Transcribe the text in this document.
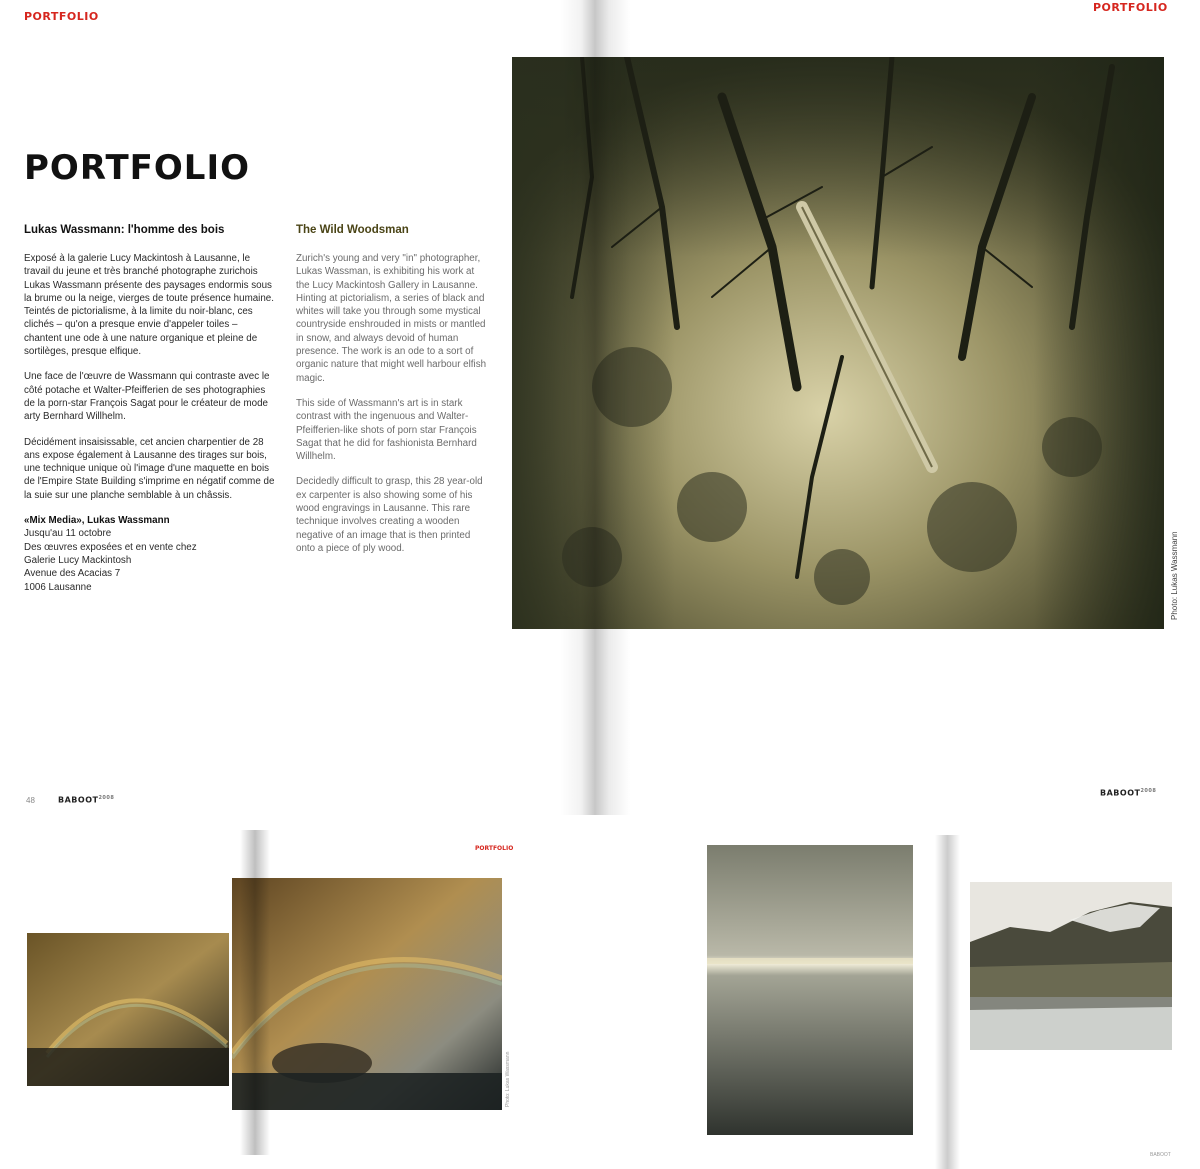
PORTFOLIO
PORTFOLIO
Lukas Wassmann: l'homme des bois

Exposé à la galerie Lucy Mackintosh à Lausanne, le travail du jeune et très branché photographe zurichois Lukas Wassmann présente des paysages endormis sous la brume ou la neige, vierges de toute présence humaine. Teintés de pictorialisme, à la limite du noir-blanc, ces clichés – qu'on a presque envie d'appeler toiles – chantent une ode à une nature organique et pleine de sortilèges, presque elfique.

Une face de l'œuvre de Wassmann qui contraste avec le côté potache et Walter-Pfeifferien de ses photographies de la porn-star François Sagat pour le créateur de mode arty Bernhard Willhelm.

Décidément insaisissable, cet ancien charpentier de 28 ans expose également à Lausanne des tirages sur bois, une technique unique où l'image d'une maquette en bois de l'Empire State Building s'imprime en négatif comme de la suie sur une planche semblable à un châssis.

«Mix Media», Lukas Wassmann
Jusqu'au 11 octobre
Des œuvres exposées et en vente chez
Galerie Lucy Mackintosh
Avenue des Acacias 7
1006 Lausanne
The Wild Woodsman

Zurich's young and very "in" photographer, Lukas Wassman, is exhibiting his work at the Lucy Mackintosh Gallery in Lausanne. Hinting at pictorialism, a series of black and whites will take you through some mystical countryside enshrouded in mists or mantled in snow, and always devoid of human presence. The work is an ode to a sort of organic nature that might well harbour elfish magic.

This side of Wassmann's art is in stark contrast with the ingenuous and Walter-Pfeifferien-like shots of porn star François Sagat that he did for fashionista Bernhard Willhelm.

Decidedly difficult to grasp, this 28 year-old ex carpenter is also showing some of his wood engravings in Lausanne. This rare technique involves creating a wooden negative of an image that is then printed onto a piece of ply wood.

48	$BABOOT^{2008}$
PORTFOLIO
$BABOOT^{2008}$
Photo: Lukas Wassmann
PORTFOLIO
Photo: Lukas Wassmann
BABOOT
